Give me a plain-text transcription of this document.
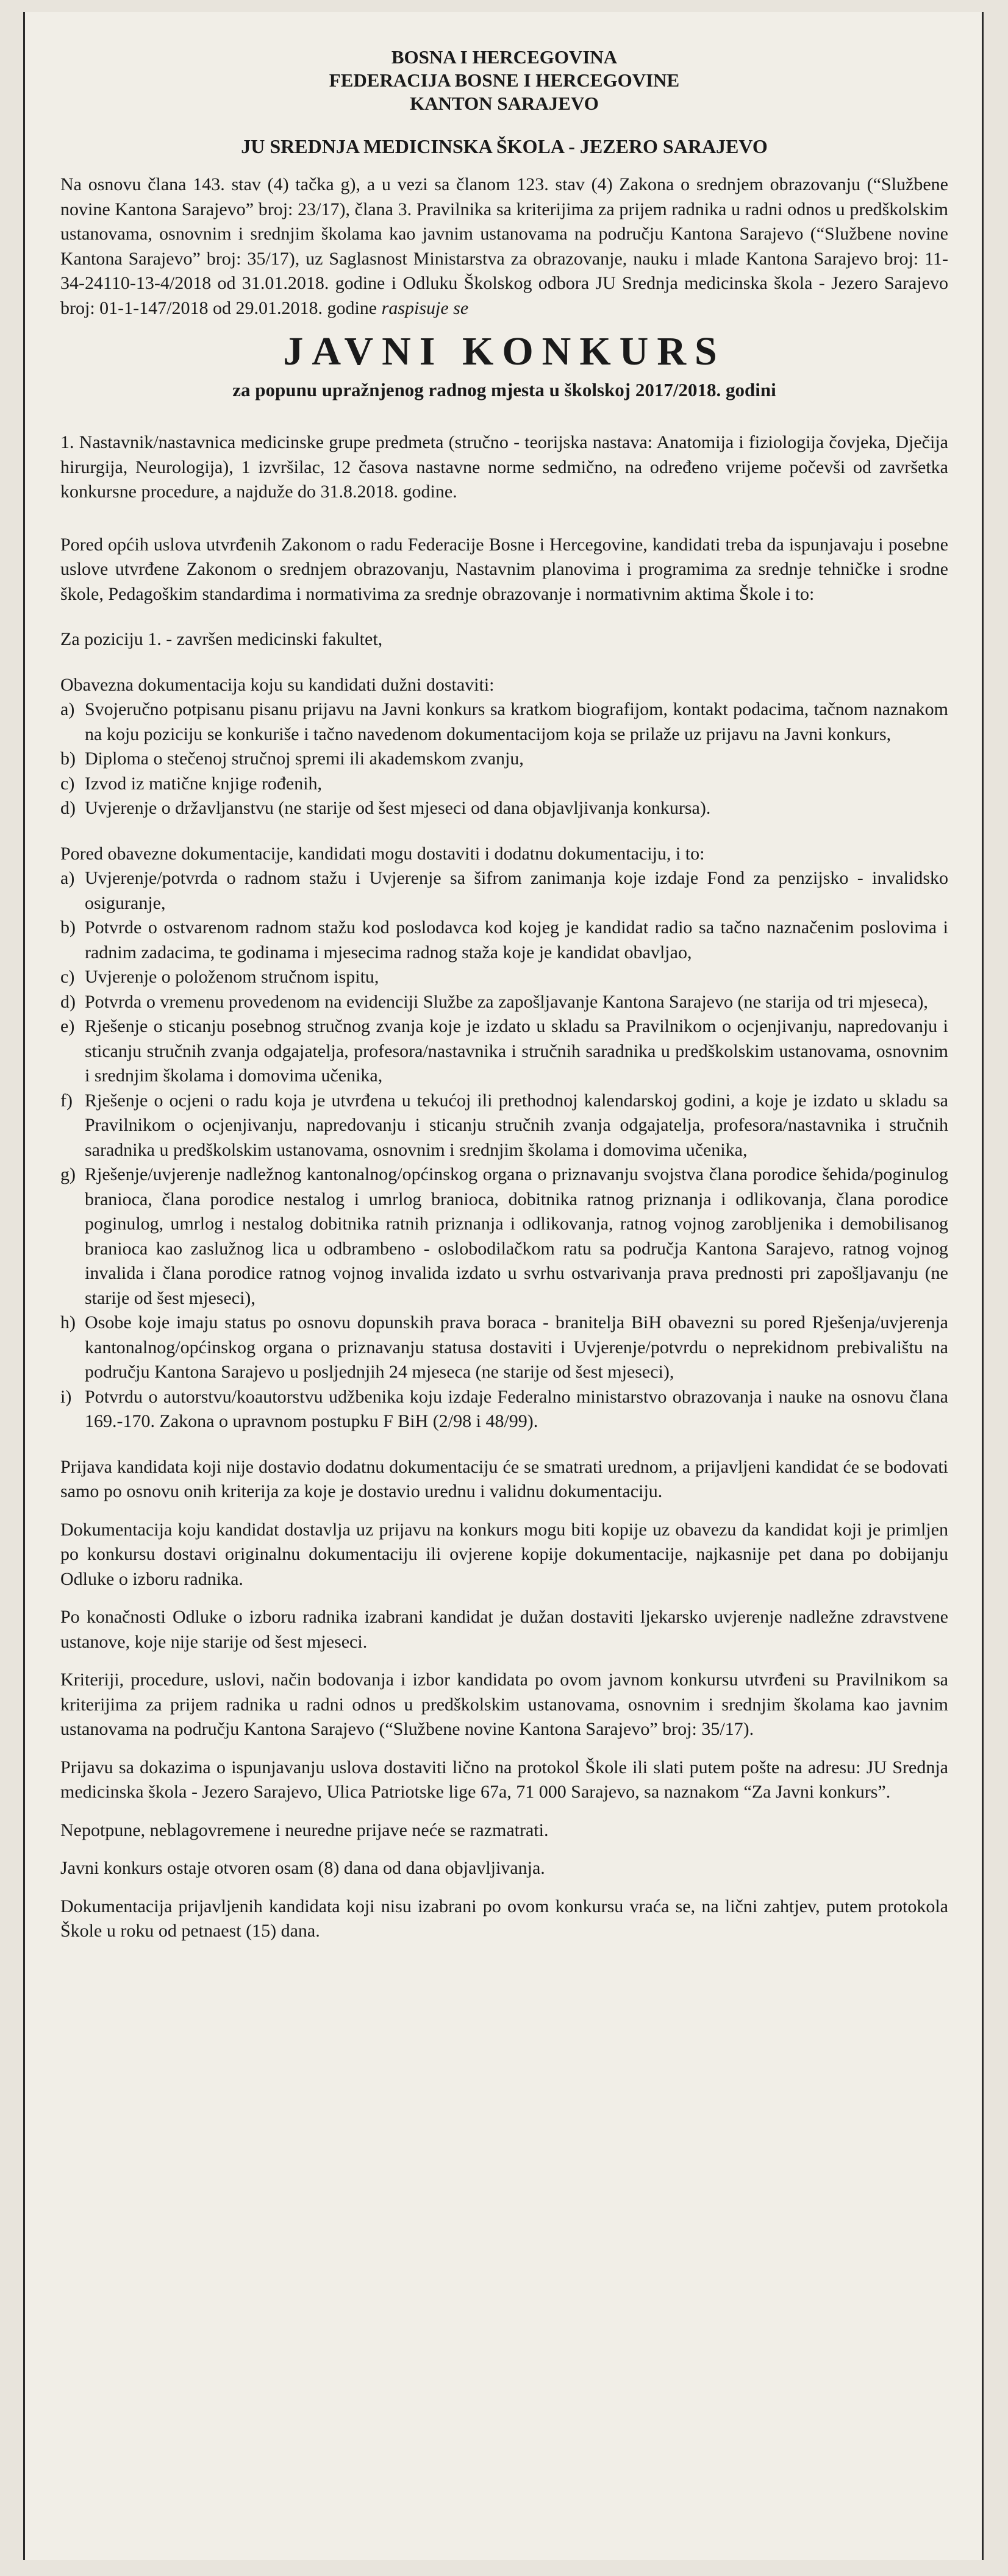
BOSNA I HERCEGOVINA
FEDERACIJA BOSNE I HERCEGOVINE
KANTON SARAJEVO
JU SREDNJA MEDICINSKA ŠKOLA - JEZERO SARAJEVO

Na osnovu člana 143. stav (4) tačka g), a u vezi sa članom 123. stav (4) Zakona o srednjem obrazovanju (“Službene novine Kantona Sarajevo” broj: 23/17), člana 3. Pravilnika sa kriterijima za prijem radnika u radni odnos u predškolskim ustanovama, osnovnim i srednjim školama kao javnim ustanovama na području Kantona Sarajevo (“Službene novine Kantona Sarajevo” broj: 35/17), uz Saglasnost Ministarstva za obrazovanje, nauku i mlade Kantona Sarajevo broj: 11-34-24110-13-4/2018 od 31.01.2018. godine i Odluku Školskog odbora JU Srednja medicinska škola - Jezero Sarajevo broj: 01-1-147/2018 od 29.01.2018. godine raspisuje se

JAVNI KONKURS
za popunu upražnjenog radnog mjesta u školskoj 2017/2018. godini

1. Nastavnik/nastavnica medicinske grupe predmeta (stručno - teorijska nastava: Anatomija i fiziologija čovjeka, Dječija hirurgija, Neurologija), 1 izvršilac, 12 časova nastavne norme sedmično, na određeno vrijeme počevši od završetka konkursne procedure, a najduže do 31.8.2018. godine.

Pored općih uslova utvrđenih Zakonom o radu Federacije Bosne i Hercegovine, kandidati treba da ispunjavaju i posebne uslove utvrđene Zakonom o srednjem obrazovanju, Nastavnim planovima i programima za srednje tehničke i srodne škole, Pedagoškim standardima i normativima za srednje obrazovanje i normativnim aktima Škole i to:

Za poziciju 1. - završen medicinski fakultet,

Obavezna dokumentacija koju su kandidati dužni dostaviti:

a) Svojeručno potpisanu pisanu prijavu na Javni konkurs sa kratkom biografijom, kontakt podacima, tačnom naznakom na koju poziciju se konkuriše i tačno navedenom dokumentacijom koja se prilaže uz prijavu na Javni konkurs,
b) Diploma o stečenoj stručnoj spremi ili akademskom zvanju,
c) Izvod iz matične knjige rođenih,
d) Uvjerenje o državljanstvu (ne starije od šest mjeseci od dana objavljivanja konkursa).

Pored obavezne dokumentacije, kandidati mogu dostaviti i dodatnu dokumentaciju, i to:

a) Uvjerenje/potvrda o radnom stažu i Uvjerenje sa šifrom zanimanja koje izdaje Fond za penzijsko - invalidsko osiguranje,
b) Potvrde o ostvarenom radnom stažu kod poslodavca kod kojeg je kandidat radio sa tačno naznačenim poslovima i radnim zadacima, te godinama i mjesecima radnog staža koje je kandidat obavljao,
c) Uvjerenje o položenom stručnom ispitu,
d) Potvrda o vremenu provedenom na evidenciji Službe za zapošljavanje Kantona Sarajevo (ne starija od tri mjeseca),
e) Rješenje o sticanju posebnog stručnog zvanja koje je izdato u skladu sa Pravilnikom o ocjenjivanju, napredovanju i sticanju stručnih zvanja odgajatelja, profesora/nastavnika i stručnih saradnika u predškolskim ustanovama, osnovnim i srednjim školama i domovima učenika,
f) Rješenje o ocjeni o radu koja je utvrđena u tekućoj ili prethodnoj kalendarskoj godini, a koje je izdato u skladu sa Pravilnikom o ocjenjivanju, napredovanju i sticanju stručnih zvanja odgajatelja, profesora/nastavnika i stručnih saradnika u predškolskim ustanovama, osnovnim i srednjim školama i domovima učenika,
g) Rješenje/uvjerenje nadležnog kantonalnog/općinskog organa o priznavanju svojstva člana porodice šehida/poginulog branioca, člana porodice nestalog i umrlog branioca, dobitnika ratnog priznanja i odlikovanja, člana porodice poginulog, umrlog i nestalog dobitnika ratnih priznanja i odlikovanja, ratnog vojnog zarobljenika i demobilisanog branioca kao zaslužnog lica u odbrambeno - oslobodilačkom ratu sa područja Kantona Sarajevo, ratnog vojnog invalida i člana porodice ratnog vojnog invalida izdato u svrhu ostvarivanja prava prednosti pri zapošljavanju (ne starije od šest mjeseci),
h) Osobe koje imaju status po osnovu dopunskih prava boraca - branitelja BiH obavezni su pored Rješenja/uvjerenja kantonalnog/općinskog organa o priznavanju statusa dostaviti i Uvjerenje/potvrdu o neprekidnom prebivalištu na području Kantona Sarajevo u posljednjih 24 mjeseca (ne starije od šest mjeseci),
i) Potvrdu o autorstvu/koautorstvu udžbenika koju izdaje Federalno ministarstvo obrazovanja i nauke na osnovu člana 169.-170. Zakona o upravnom postupku F BiH (2/98 i 48/99).

Prijava kandidata koji nije dostavio dodatnu dokumentaciju će se smatrati urednom, a prijavljeni kandidat će se bodovati samo po osnovu onih kriterija za koje je dostavio urednu i validnu dokumentaciju.

Dokumentacija koju kandidat dostavlja uz prijavu na konkurs mogu biti kopije uz obavezu da kandidat koji je primljen po konkursu dostavi originalnu dokumentaciju ili ovjerene kopije dokumentacije, najkasnije pet dana po dobijanju Odluke o izboru radnika.

Po konačnosti Odluke o izboru radnika izabrani kandidat je dužan dostaviti ljekarsko uvjerenje nadležne zdravstvene ustanove, koje nije starije od šest mjeseci.

Kriteriji, procedure, uslovi, način bodovanja i izbor kandidata po ovom javnom konkursu utvrđeni su Pravilnikom sa kriterijima za prijem radnika u radni odnos u predškolskim ustanovama, osnovnim i srednjim školama kao javnim ustanovama na području Kantona Sarajevo (“Službene novine Kantona Sarajevo” broj: 35/17).

Prijavu sa dokazima o ispunjavanju uslova dostaviti lično na protokol Škole ili slati putem pošte na adresu: JU Srednja medicinska škola - Jezero Sarajevo, Ulica Patriotske lige 67a, 71 000 Sarajevo, sa naznakom “Za Javni konkurs”.

Nepotpune, neblagovremene i neuredne prijave neće se razmatrati.

Javni konkurs ostaje otvoren osam (8) dana od dana objavljivanja.

Dokumentacija prijavljenih kandidata koji nisu izabrani po ovom konkursu vraća se, na lični zahtjev, putem protokola Škole u roku od petnaest (15) dana.
